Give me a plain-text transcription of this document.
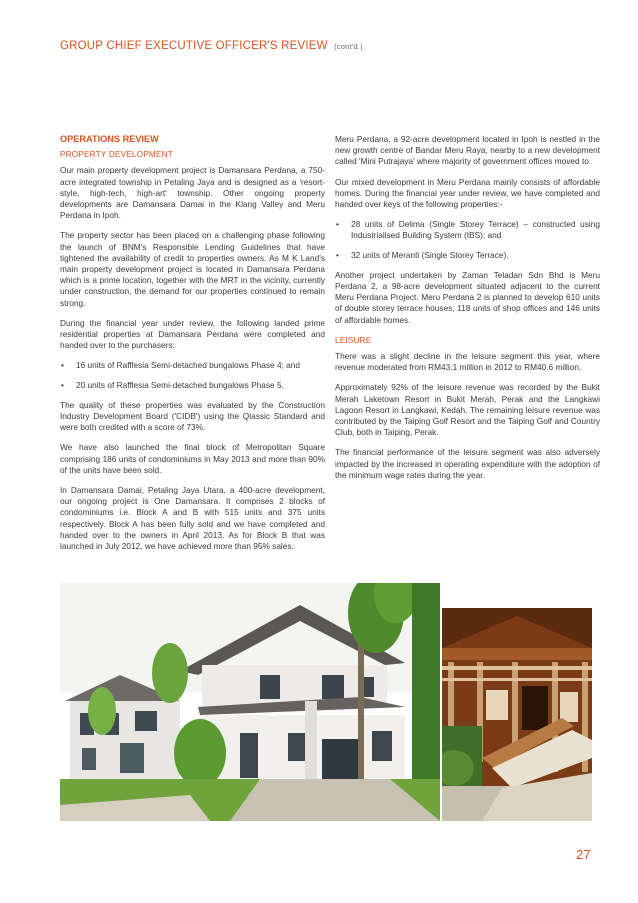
GROUP CHIEF EXECUTIVE OFFICER'S REVIEW (cont'd.)
OPERATIONS REVIEW
PROPERTY DEVELOPMENT

Our main property development project is Damansara Perdana, a 750-acre integrated township in Petaling Jaya and is designed as a 'resort-style, high-tech, high-art' township. Other ongoing property developments are Damansara Damai in the Klang Valley and Meru Perdana in Ipoh.

The property sector has been placed on a challenging phase following the launch of BNM's Responsible Lending Guidelines that have tightened the availability of credit to properties owners. As M K Land's main property development project is located in Damansara Perdana which is a prime location, together with the MRT in the vicinity, currently under construction, the demand for our properties continued to remain strong.

During the financial year under review, the following landed prime residential properties at Damansara Perdana were completed and handed over to the purchasers:

• 16 units of Rafflesia Semi-detached bungalows Phase 4; and
• 20 units of Rafflesia Semi-detached bungalows Phase 5.

The quality of these properties was evaluated by the Construction Industry Development Board ('CIDB') using the Qlassic Standard and were both credited with a score of 73%.

We have also launched the final block of Metropolitan Square comprising 186 units of condominiums in May 2013 and more than 90% of the units have been sold.

In Damansara Damai, Petaling Jaya Utara, a 400-acre development, our ongoing project is One Damansara. It comprises 2 blocks of condominiums i.e. Block A and B with 515 units and 375 units respectively. Block A has been fully sold and we have completed and handed over to the owners in April 2013. As for Block B that was launched in July 2012, we have achieved more than 95% sales.

Meru Perdana, a 92-acre development located in Ipoh is nestled in the new growth centre of Bandar Meru Raya, nearby to a new development called 'Mini Putrajaya' where majority of government offices moved to.

Our mixed development in Meru Perdana mainly consists of affordable homes. During the financial year under review, we have completed and handed over keys of the following properties:-

• 28 units of Delima (Single Storey Terrace) – constructed using Industrialised Building System (IBS); and
• 32 units of Meranti (Single Storey Terrace).

Another project undertaken by Zaman Teladan Sdn Bhd is Meru Perdana 2, a 98-acre development situated adjacent to the current Meru Perdana Project. Meru Perdana 2 is planned to develop 610 units of double storey terrace houses, 118 units of shop offices and 146 units of affordable homes.

LEISURE

There was a slight decline in the leisure segment this year, where revenue moderated from RM43.1 million in 2012 to RM40.6 million.

Approximately 92% of the leisure revenue was recorded by the Bukit Merah Laketown Resort in Bukit Merah, Perak and the Langkawi Lagoon Resort in Langkawi, Kedah. The remaining leisure revenue was contributed by the Taiping Golf Resort and the Taiping Golf and Country Club, both in Taiping, Perak.

The financial performance of the leisure segment was also adversely impacted by the increased in operating expenditure with the adoption of the minimum wage rates during the year.

27
